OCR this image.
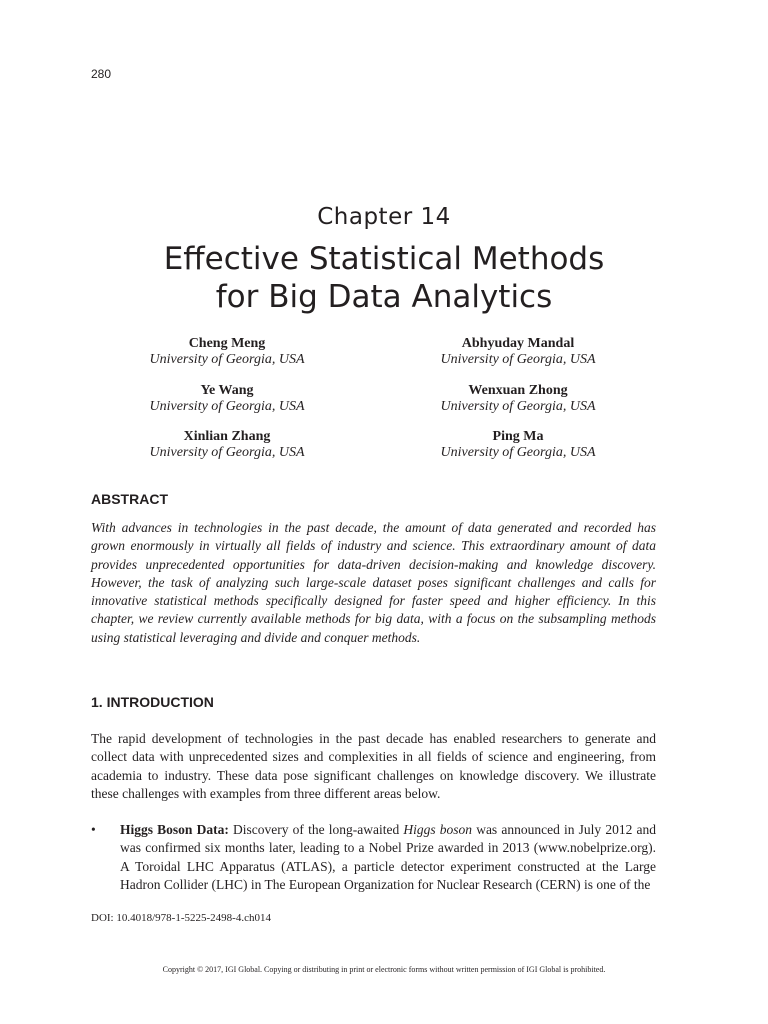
280
Chapter 14
Effective Statistical Methods
for Big Data Analytics
Cheng Meng
University of Georgia, USA
Abhyuday Mandal
University of Georgia, USA
Ye Wang
University of Georgia, USA
Wenxuan Zhong
University of Georgia, USA
Xinlian Zhang
University of Georgia, USA
Ping Ma
University of Georgia, USA
ABSTRACT

With advances in technologies in the past decade, the amount of data generated and recorded has grown enormously in virtually all fields of industry and science. This extraordinary amount of data provides unprecedented opportunities for data-driven decision-making and knowledge discovery. However, the task of analyzing such large-scale dataset poses significant challenges and calls for innovative statistical methods specifically designed for faster speed and higher efficiency. In this chapter, we review currently available methods for big data, with a focus on the subsampling methods using statistical leveraging and divide and conquer methods.

1. INTRODUCTION

The rapid development of technologies in the past decade has enabled researchers to generate and collect data with unprecedented sizes and complexities in all fields of science and engineering, from academia to industry. These data pose significant challenges on knowledge discovery. We illustrate these challenges with examples from three different areas below.

• Higgs Boson Data: Discovery of the long-awaited Higgs boson was announced in July 2012 and was confirmed six months later, leading to a Nobel Prize awarded in 2013 (www.nobelprize.org). A Toroidal LHC Apparatus (ATLAS), a particle detector experiment constructed at the Large Hadron Collider (LHC) in The European Organization for Nuclear Research (CERN) is one of the
DOI: 10.4018/978-1-5225-2498-4.ch014
Copyright © 2017, IGI Global. Copying or distributing in print or electronic forms without written permission of IGI Global is prohibited.
